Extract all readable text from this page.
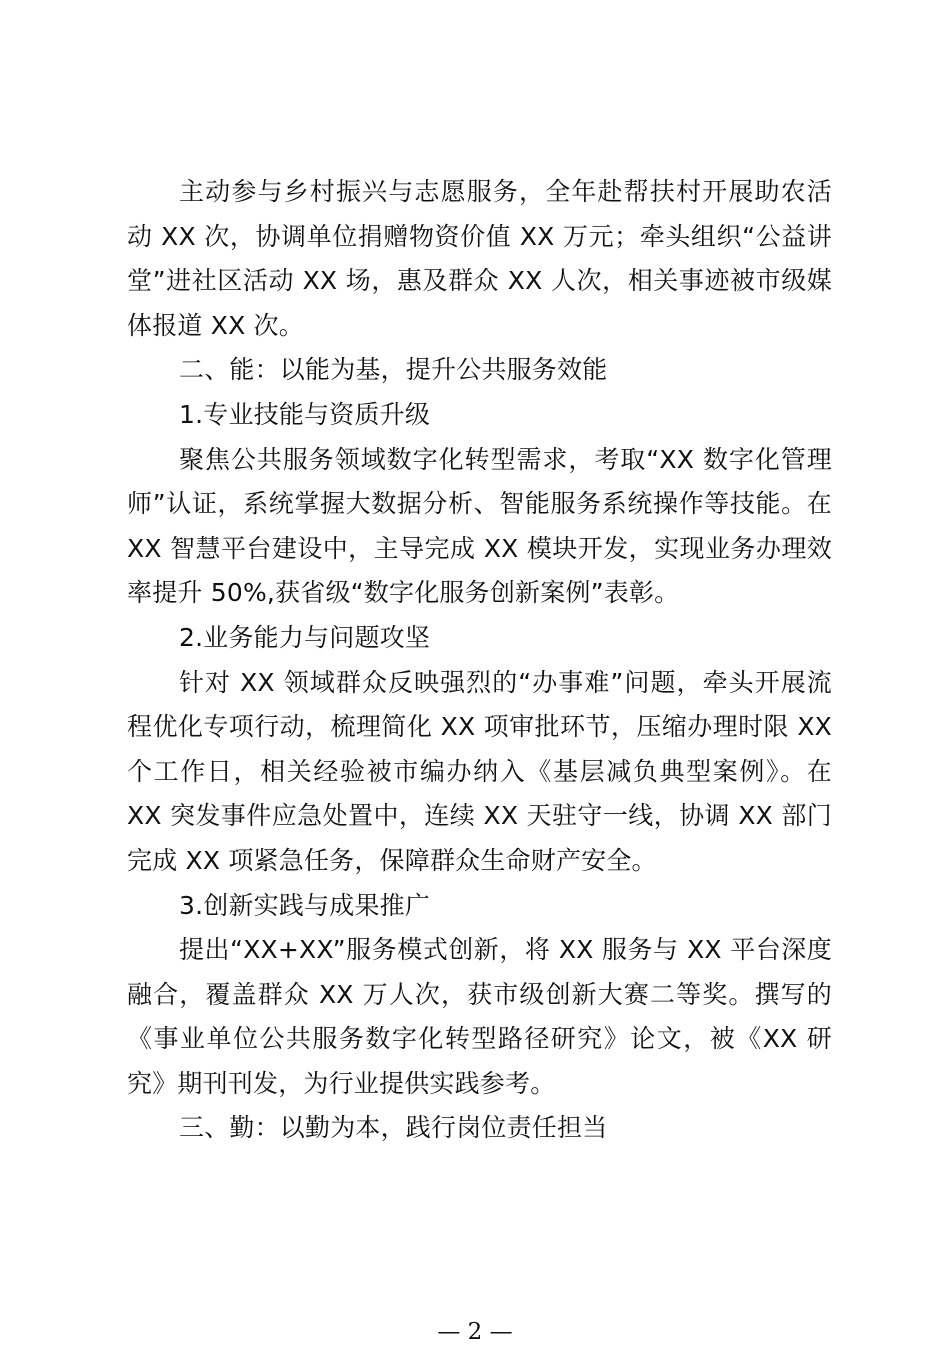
主动参与乡村振兴与志愿服务，全年赴帮扶村开展助农活动 XX 次，协调单位捐赠物资价值 XX 万元；牵头组织“公益讲堂”进社区活动 XX 场，惠及群众 XX 人次，相关事迹被市级媒体报道 XX 次。

二、能：以能为基，提升公共服务效能

1.专业技能与资质升级

聚焦公共服务领域数字化转型需求，考取“XX 数字化管理师”认证，系统掌握大数据分析、智能服务系统操作等技能。在 XX 智慧平台建设中，主导完成 XX 模块开发，实现业务办理效率提升 50%,获省级“数字化服务创新案例”表彰。

2.业务能力与问题攻坚

针对 XX 领域群众反映强烈的“办事难”问题，牵头开展流程优化专项行动，梳理简化 XX 项审批环节，压缩办理时限 XX 个工作日，相关经验被市编办纳入《基层减负典型案例》。在 XX 突发事件应急处置中，连续 XX 天驻守一线，协调 XX 部门完成 XX 项紧急任务，保障群众生命财产安全。

3.创新实践与成果推广

提出“XX+XX”服务模式创新，将 XX 服务与 XX 平台深度融合，覆盖群众 XX 万人次，获市级创新大赛二等奖。撰写的《事业单位公共服务数字化转型路径研究》论文，被《XX 研究》期刊刊发，为行业提供实践参考。

三、勤：以勤为本，践行岗位责任担当

— 2 —
